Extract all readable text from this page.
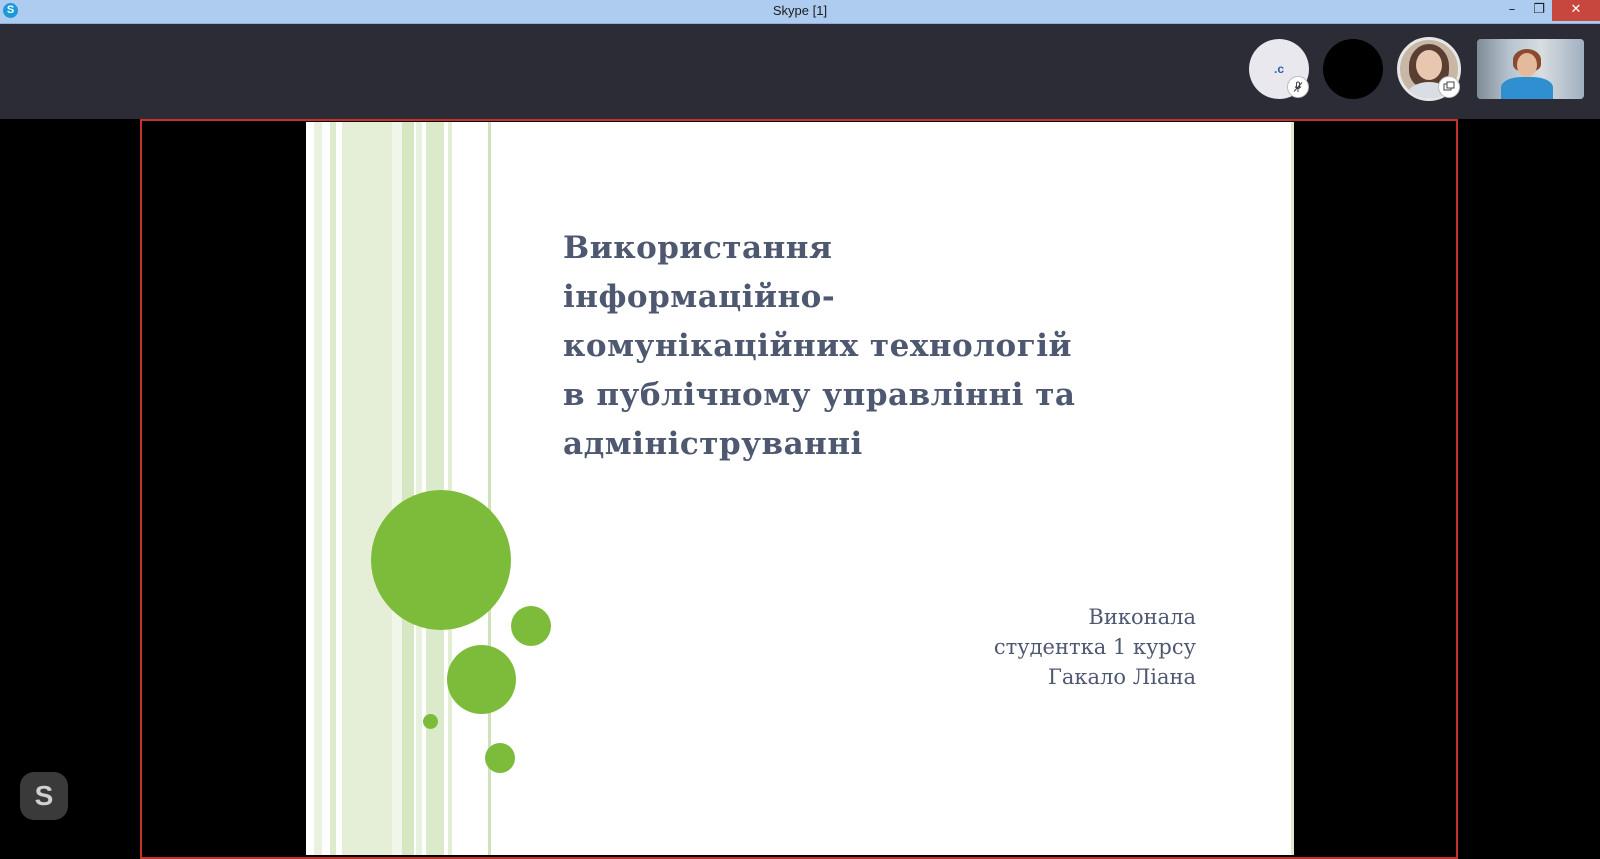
S	Skype [1]	–	❐	✕
.c
Використання
інформаційно-
комунікаційних технологій
в публічному управлінні та
адмініструванні
Виконала
студентка 1 курсу
Гакало Ліана
S
